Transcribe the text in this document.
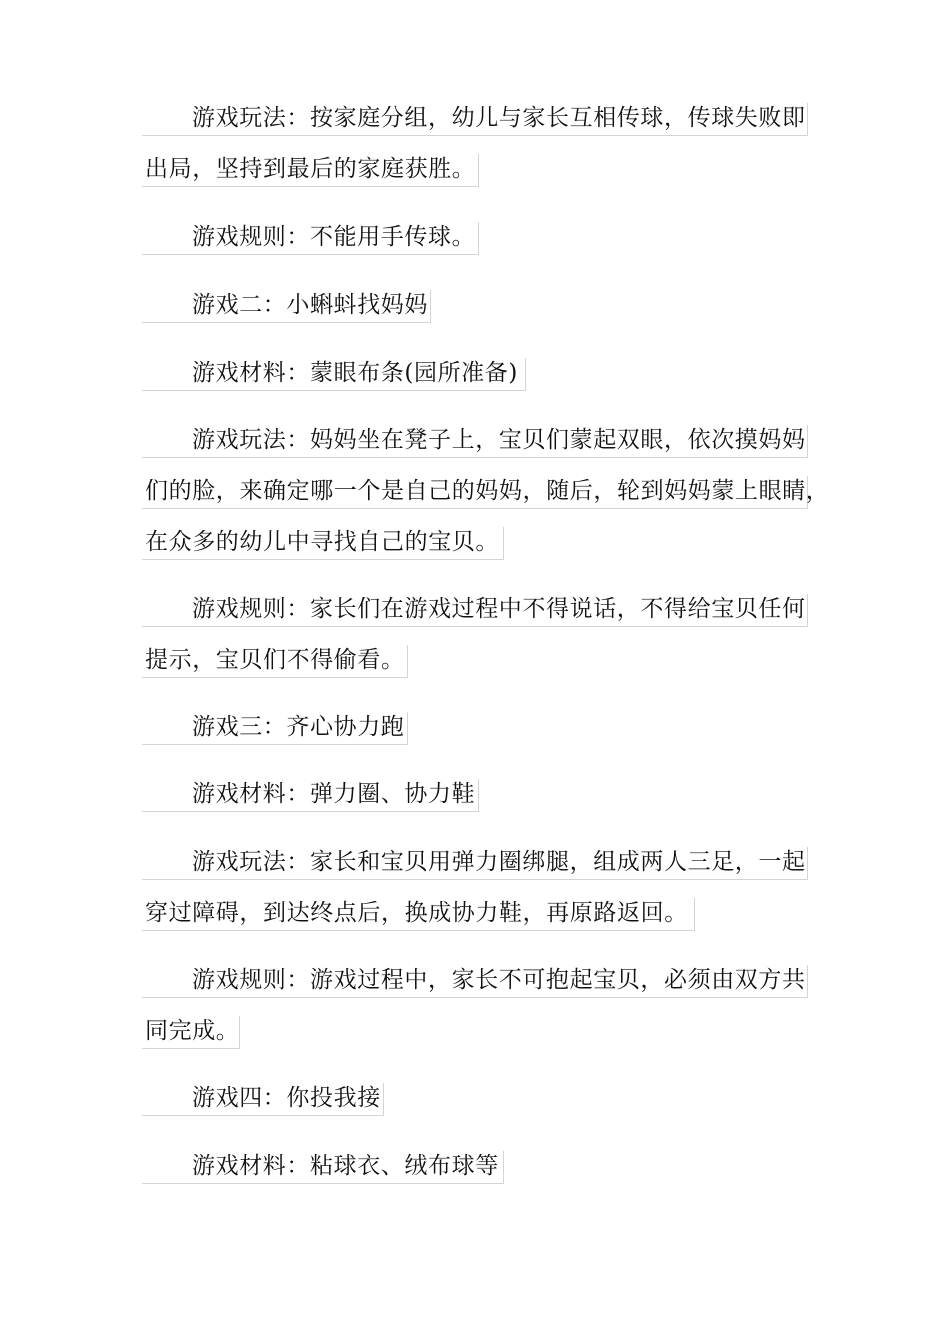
游戏玩法：按家庭分组，幼儿与家长互相传球，传球失败即
出局，坚持到最后的家庭获胜。
游戏规则：不能用手传球。
游戏二：小蝌蚪找妈妈
游戏材料：蒙眼布条(园所准备)
游戏玩法：妈妈坐在凳子上，宝贝们蒙起双眼，依次摸妈妈
们的脸，来确定哪一个是自己的妈妈，随后，轮到妈妈蒙上眼睛，
在众多的幼儿中寻找自己的宝贝。
游戏规则：家长们在游戏过程中不得说话，不得给宝贝任何
提示，宝贝们不得偷看。
游戏三：齐心协力跑
游戏材料：弹力圈、协力鞋
游戏玩法：家长和宝贝用弹力圈绑腿，组成两人三足，一起
穿过障碍，到达终点后，换成协力鞋，再原路返回。
游戏规则：游戏过程中，家长不可抱起宝贝，必须由双方共
同完成。
游戏四：你投我接
游戏材料：粘球衣、绒布球等
